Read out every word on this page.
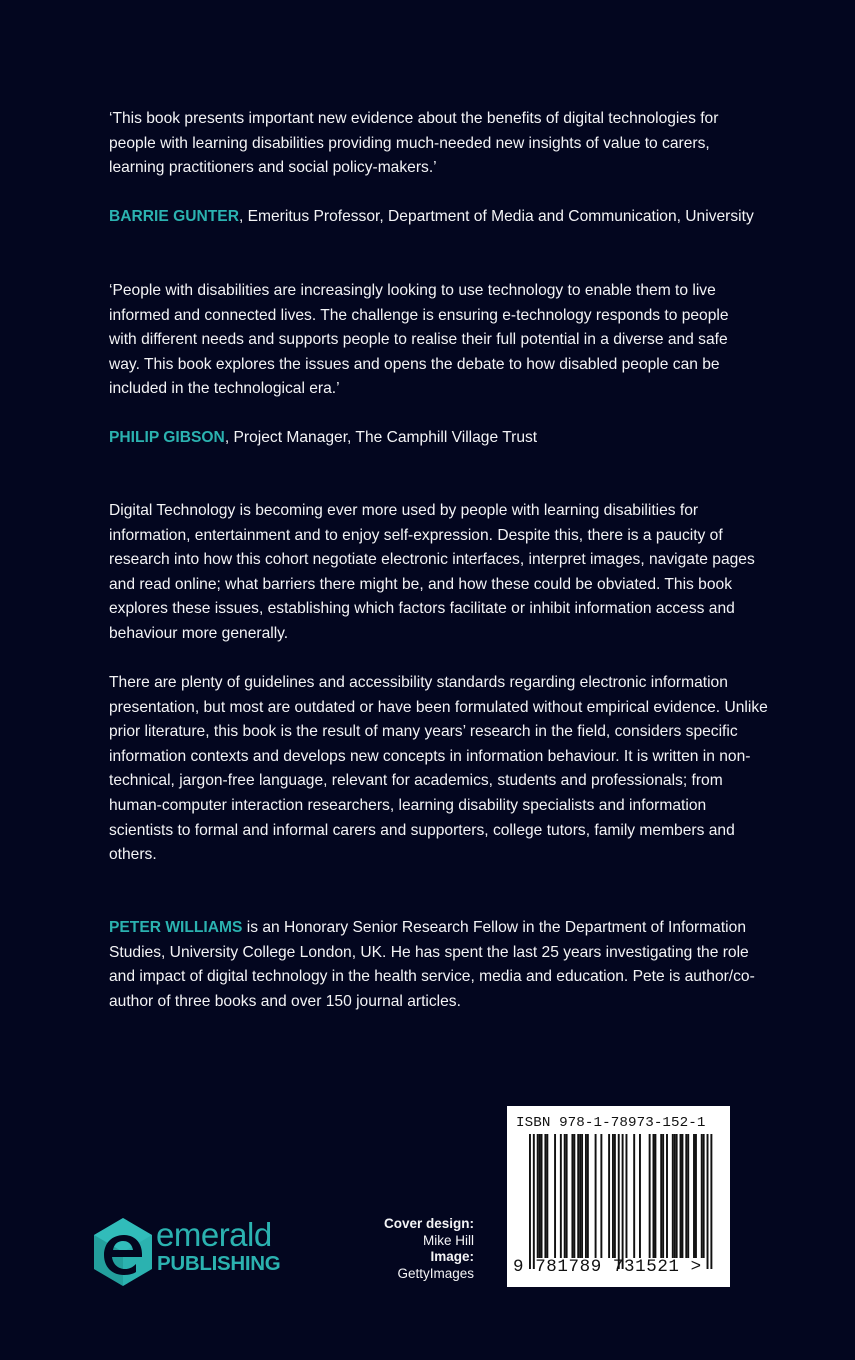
‘This book presents important new evidence about the benefits of digital technologies for people with learning disabilities providing much-needed new insights of value to carers, learning practitioners and social policy-makers.’

BARRIE GUNTER, Emeritus Professor, Department of Media and Communication, University

‘People with disabilities are increasingly looking to use technology to enable them to live informed and connected lives. The challenge is ensuring e-technology responds to people with different needs and supports people to realise their full potential in a diverse and safe way. This book explores the issues and opens the debate to how disabled people can be included in the technological era.’

PHILIP GIBSON, Project Manager, The Camphill Village Trust

Digital Technology is becoming ever more used by people with learning disabilities for information, entertainment and to enjoy self-expression. Despite this, there is a paucity of research into how this cohort negotiate electronic interfaces, interpret images, navigate pages and read online; what barriers there might be, and how these could be obviated. This book explores these issues, establishing which factors facilitate or inhibit information access and behaviour more generally.

There are plenty of guidelines and accessibility standards regarding electronic information presentation, but most are outdated or have been formulated without empirical evidence. Unlike prior literature, this book is the result of many years’ research in the field, considers specific information contexts and develops new concepts in information behaviour. It is written in non-technical, jargon-free language, relevant for academics, students and professionals; from human-computer interaction researchers, learning disability specialists and information scientists to formal and informal carers and supporters, college tutors, family members and others.

PETER WILLIAMS is an Honorary Senior Research Fellow in the Department of Information Studies, University College London, UK. He has spent the last 25 years investigating the role and impact of digital technology in the health service, media and education. Pete is author/co-author of three books and over 150 journal articles.

emerald
PUBLISHING
Cover design:
Mike Hill
Image:
GettyImages
ISBN 978-1-78973-152-1
9 781789 731521 >
